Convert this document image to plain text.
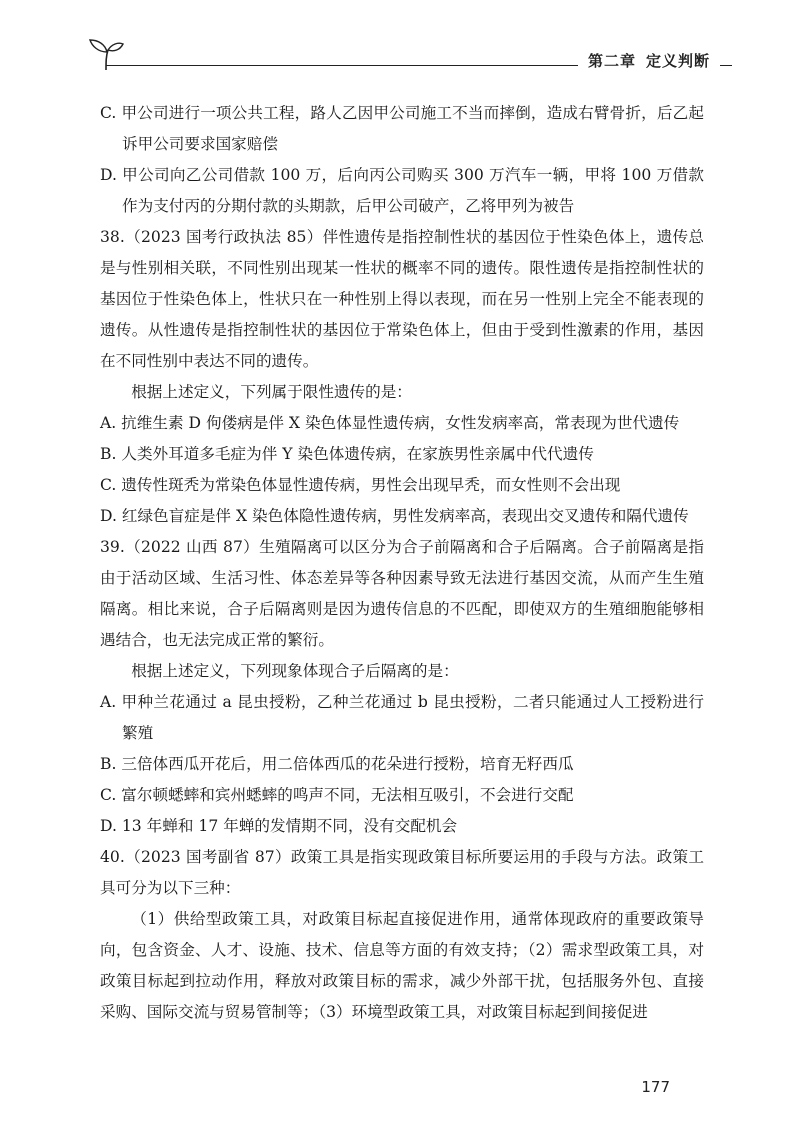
第二章 定义判断

C. 甲公司进行一项公共工程，路人乙因甲公司施工不当而摔倒，造成右臂骨折，后乙起诉甲公司要求国家赔偿

D. 甲公司向乙公司借款 100 万，后向丙公司购买 300 万汽车一辆，甲将 100 万借款作为支付丙的分期付款的头期款，后甲公司破产，乙将甲列为被告

38.（2023 国考行政执法 85）伴性遗传是指控制性状的基因位于性染色体上，遗传总是与性别相关联，不同性别出现某一性状的概率不同的遗传。限性遗传是指控制性状的基因位于性染色体上，性状只在一种性别上得以表现，而在另一性别上完全不能表现的遗传。从性遗传是指控制性状的基因位于常染色体上，但由于受到性激素的作用，基因在不同性别中表达不同的遗传。

根据上述定义，下列属于限性遗传的是：

A. 抗维生素 D 佝偻病是伴 X 染色体显性遗传病，女性发病率高，常表现为世代遗传

B. 人类外耳道多毛症为伴 Y 染色体遗传病，在家族男性亲属中代代遗传

C. 遗传性斑秃为常染色体显性遗传病，男性会出现早秃，而女性则不会出现

D. 红绿色盲症是伴 X 染色体隐性遗传病，男性发病率高，表现出交叉遗传和隔代遗传

39.（2022 山西 87）生殖隔离可以区分为合子前隔离和合子后隔离。合子前隔离是指由于活动区域、生活习性、体态差异等各种因素导致无法进行基因交流，从而产生生殖隔离。相比来说，合子后隔离则是因为遗传信息的不匹配，即使双方的生殖细胞能够相遇结合，也无法完成正常的繁衍。

根据上述定义，下列现象体现合子后隔离的是：

A. 甲种兰花通过 a 昆虫授粉，乙种兰花通过 b 昆虫授粉，二者只能通过人工授粉进行繁殖

B. 三倍体西瓜开花后，用二倍体西瓜的花朵进行授粉，培育无籽西瓜

C. 富尔顿蟋蟀和宾州蟋蟀的鸣声不同，无法相互吸引，不会进行交配

D. 13 年蝉和 17 年蝉的发情期不同，没有交配机会

40.（2023 国考副省 87）政策工具是指实现政策目标所要运用的手段与方法。政策工具可分为以下三种：

（1）供给型政策工具，对政策目标起直接促进作用，通常体现政府的重要政策导向，包含资金、人才、设施、技术、信息等方面的有效支持；（2）需求型政策工具，对政策目标起到拉动作用，释放对政策目标的需求，减少外部干扰，包括服务外包、直接采购、国际交流与贸易管制等；（3）环境型政策工具，对政策目标起到间接促进

177
